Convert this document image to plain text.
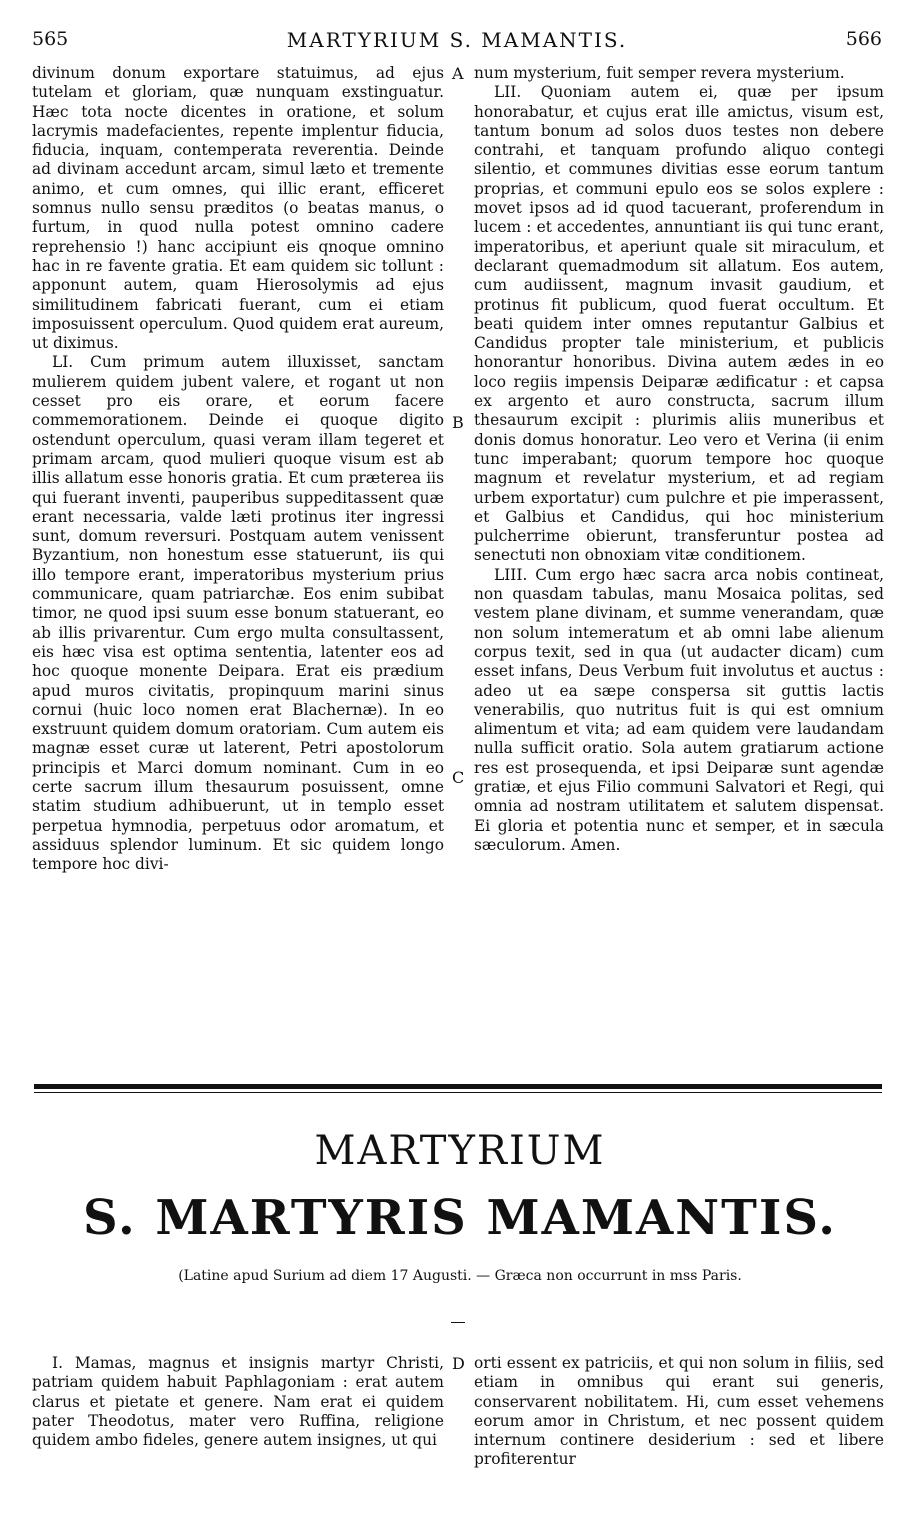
565	MARTYRIUM S. MAMANTIS.	566

divinum donum exportare statuimus, ad ejus tutelam et gloriam, quæ nunquam exstinguatur. Hæc tota nocte dicentes in oratione, et solum lacrymis madefacientes, repente implentur fiducia, fiducia, inquam, contemperata reverentia. Deinde ad divinam accedunt arcam, simul læto et tremente animo, et cum omnes, qui illic erant, efficeret somnus nullo sensu præditos (o beatas manus, o furtum, in quod nulla potest omnino cadere reprehensio !) hanc accipiunt eis qnoque omnino hac in re faventе gratia. Et eam quidem sic tollunt : apponunt autem, quam Hierosolymis ad ejus similitudinem fabricati fuerant, cum ei etiam imposuissent operculum. Quod quidem erat aureum, ut diximus.

LI. Cum primum autem illuxisset, sanctam mulierem quidem jubent valere, et rogant ut non cesset pro eis orare, et eorum facere commemorationem. Deinde ei quoque digito ostendunt operculum, quasi veram illam tegeret et primam arcam, quod mulieri quoque visum est ab illis allatum esse honoris gratia. Et cum præterea iis qui fuerant inventi, pauperibus suppeditassent quæ erant necessaria, valde læti protinus iter ingressi sunt, domum reversuri. Postquam autem venissent Byzantium, non honestum esse statuerunt, iis qui illo tempore erant, imperatoribus mysterium prius communicare, quam patriarchæ. Eos enim subibat timor, ne quod ipsi suum esse bonum statuerant, eo ab illis privarentur. Cum ergo multa consultassent, eis hæc visa est optima sententia, latenter eos ad hoc quoque monente Deipara. Erat eis prædium apud muros civitatis, propinquum marini sinus cornui (huic loco nomen erat Blachernæ). In eo exstruunt quidem domum oratoriam. Cum autem eis magnæ esset curæ ut laterent, Petri apostolorum principis et Marci domum nominant. Cum in eo certe sacrum illum thesaurum posuissent, omne statim studium adhibuerunt, ut in templo esset perpetua hymnodia, perpetuus odor aromatum, et assiduus splendor luminum. Et sic quidem longo tempore hoc divi-

num mysterium, fuit semper revera mysterium.

LII. Quoniam autem ei, quæ per ipsum honorabatur, et cujus erat ille amictus, visum est, tantum bonum ad solos duos testes non debere contrahi, et tanquam profundo aliquo contegi silentio, et communes divitias esse eorum tantum proprias, et communi epulo eos se solos explere : movet ipsos ad id quod tacuerant, proferendum in lucem : et accedentes, annuntiant iis qui tunc erant, imperatoribus, et aperiunt quale sit miraculum, et declarant quemadmodum sit allatum. Eos autem, cum audiissent, magnum invasit gaudium, et protinus fit publicum, quod fuerat occultum. Et beati quidem inter omnes reputantur Galbius et Candidus propter tale ministerium, et publicis honorantur honoribus. Divina autem ædes in eo loco regiis impensis Deiparæ ædificatur : et capsa ex argento et auro constructa, sacrum illum thesaurum excipit : plurimis aliis muneribus et donis domus honoratur. Leo vero et Verina (ii enim tunc imperabant; quorum tempore hoc quoque magnum et revelatur mysterium, et ad regiam urbem exportatur) cum pulchre et pie imperassent, et Galbius et Candidus, qui hoc ministerium pulcherrime obierunt, transferuntur postea ad senectuti non obnoxiam vitæ conditionem.

LIII. Cum ergo hæc sacra arca nobis contineat, non quasdam tabulas, manu Mosaica politas, sed vestem plane divinam, et summe venerandam, quæ non solum intemeratum et ab omni labe alienum corpus texit, sed in qua (ut audacter dicam) cum esset infans, Deus Verbum fuit involutus et auctus : adeo ut ea sæpe conspersa sit guttis lactis venerabilis, quo nutritus fuit is qui est omnium alimentum et vita; ad eam quidem vere laudandam nulla sufficit oratio. Sola autem gratiarum actione res est prosequenda, et ipsi Deiparæ sunt agendæ gratiæ, et ejus Filio communi Salvatori et Regi, qui omnia ad nostram utilitatem et salutem dispensat. Ei gloria et potentia nunc et semper, et in sæcula sæculorum. Amen.

A
B
C
D
MARTYRIUM
S. MARTYRIS MAMANTIS.
(Latine apud Surium ad diem 17 Augusti. — Græca non occurrunt in mss Paris.

I. Mamas, magnus et insignis martyr Christi, patriam quidem habuit Paphlagoniam : erat autem clarus et pietate et genere. Nam erat ei quidem pater Theodotus, mater vero Ruffina, religione quidem ambo fideles, genere autem insignes, ut qui

orti essent ex patriciis, et qui non solum in filiis, sed etiam in omnibus qui erant sui generis, conservarent nobilitatem. Hi, cum esset vehemens eorum amor in Christum, et nec possent quidem internum continere desiderium : sed et libere profiterentur
